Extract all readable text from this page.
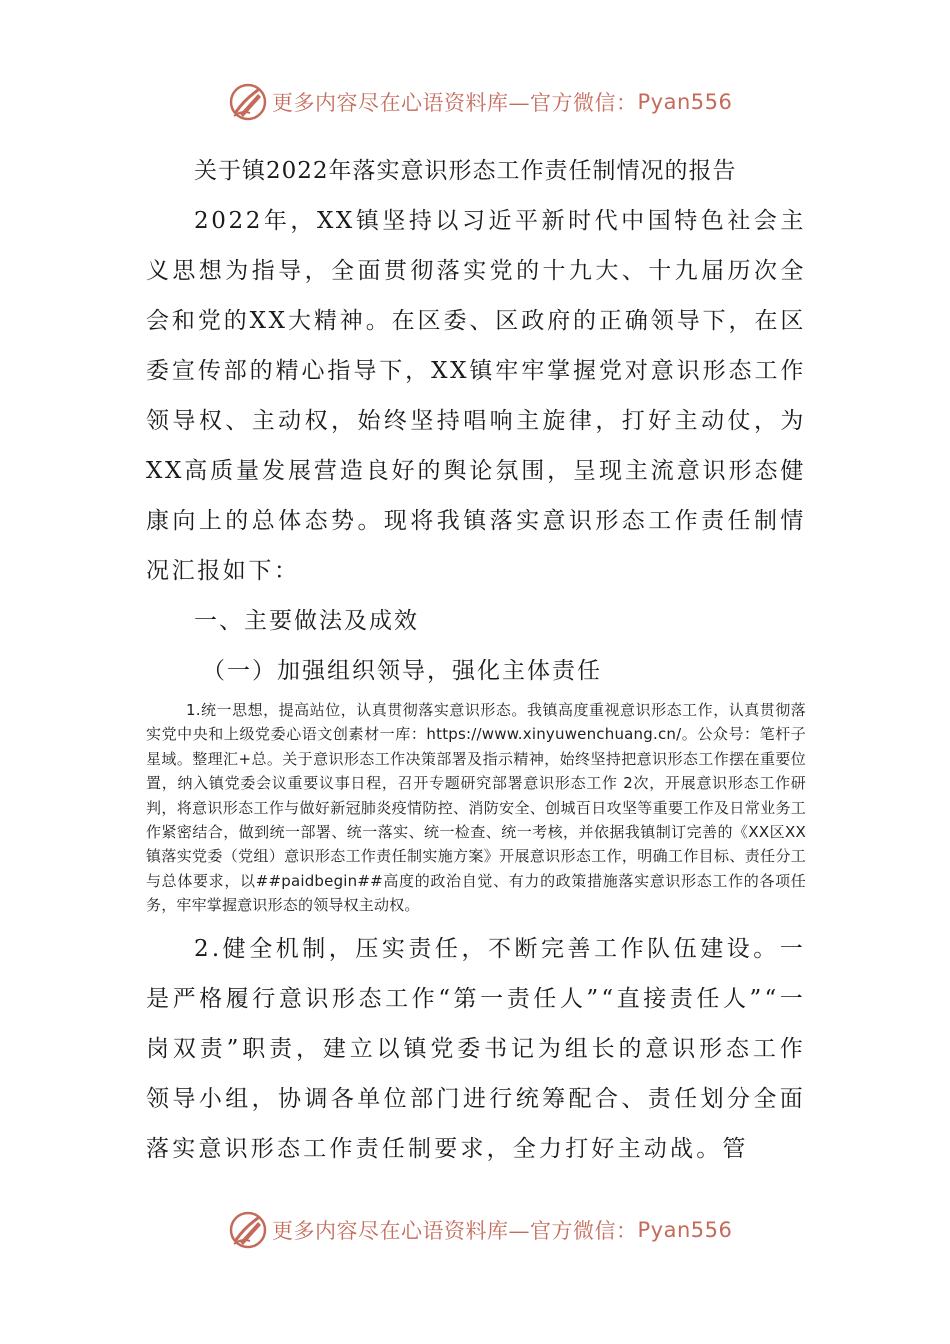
更多内容尽在心语资料库—官方微信： Pyan556

关于镇2022年落实意识形态工作责任制情况的报告

2022年，XX镇坚持以习近平新时代中国特色社会主义思想为指导，全面贯彻落实党的十九大、十九届历次全会和党的XX大精神。在区委、区政府的正确领导下，在区委宣传部的精心指导下，XX镇牢牢掌握党对意识形态工作领导权、主动权，始终坚持唱响主旋律，打好主动仗，为XX高质量发展营造良好的舆论氛围，呈现主流意识形态健康向上的总体态势。现将我镇落实意识形态工作责任制情况汇报如下：

一、主要做法及成效

（一）加强组织领导，强化主体责任

1.统一思想，提高站位，认真贯彻落实意识形态。我镇高度重视意识形态工作，认真贯彻落实党中央和上级党委心语文创素材一库：https://www.xinyuwenchuang.cn/。公众号：笔杆子星域。整理汇+总。关于意识形态工作决策部署及指示精神，始终坚持把意识形态工作摆在重要位置，纳入镇党委会议重要议事日程，召开专题研究部署意识形态工作 2次，开展意识形态工作研判，将意识形态工作与做好新冠肺炎疫情防控、消防安全、创城百日攻坚等重要工作及日常业务工作紧密结合，做到统一部署、统一落实、统一检查、统一考核，并依据我镇制订完善的《XX区XX镇落实党委（党组）意识形态工作责任制实施方案》开展意识形态工作，明确工作目标、责任分工与总体要求，以##paidbegin##高度的政治自觉、有力的政策措施落实意识形态工作的各项任务，牢牢掌握意识形态的领导权主动权。

2.健全机制，压实责任，不断完善工作队伍建设。一是严格履行意识形态工作“第一责任人”“直接责任人”“一岗双责”职责，建立以镇党委书记为组长的意识形态工作领导小组，协调各单位部门进行统筹配合、责任划分全面落实意识形态工作责任制要求，全力打好主动战。管

更多内容尽在心语资料库—官方微信： Pyan556
